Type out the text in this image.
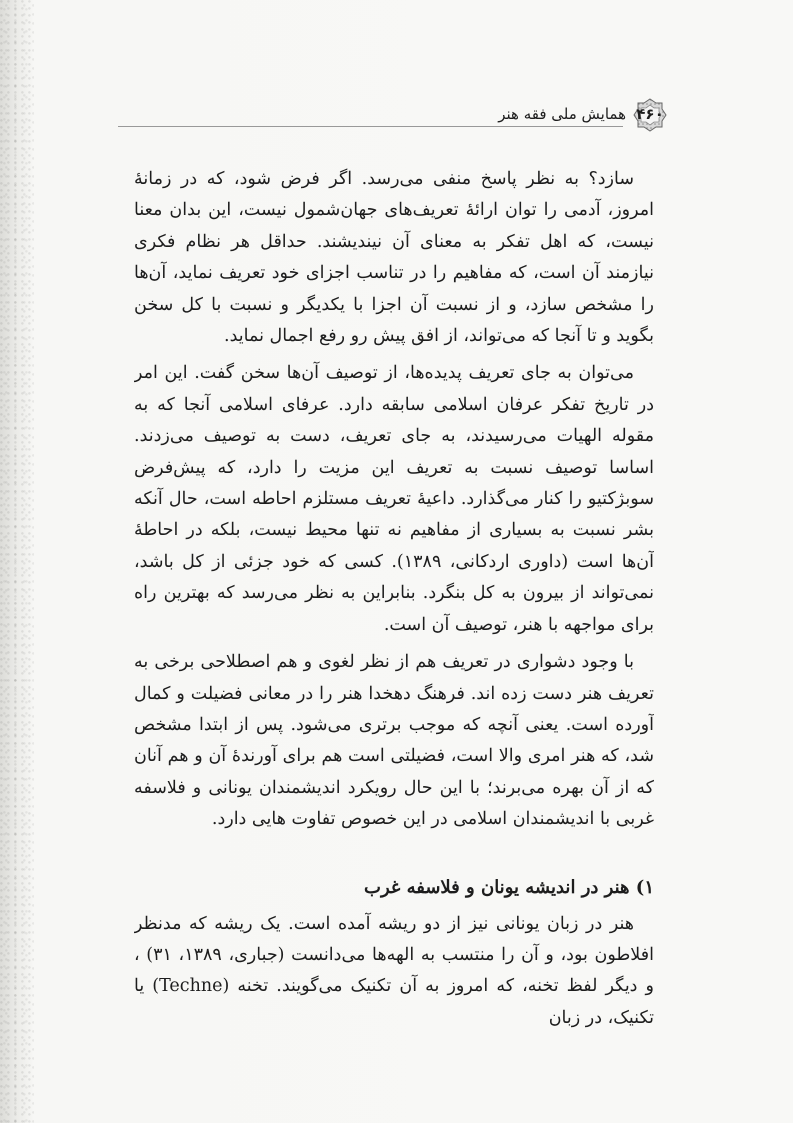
۴۶۰
همایش ملی فقه هنر

سازد؟ به نظر پاسخ منفی می‌رسد. اگر فرض شود، که در زمانهٔ امروز، آدمی را توان ارائهٔ تعریف‌های جهان‌شمول نیست، این بدان معنا نیست، که اهل تفکر به معنای آن نیندیشند. حداقل هر نظام فکری نیازمند آن است، که مفاهیم را در تناسب اجزای خود تعریف نماید، آن‌ها را مشخص سازد، و از نسبت آن اجزا با یکدیگر و نسبت با کل سخن بگوید و تا آنجا که می‌تواند، از افق پیش رو رفع اجمال نماید.

می‌توان به جای تعریف پدیده‌ها، از توصیف آن‌ها سخن گفت. این امر در تاریخ تفکر عرفان اسلامی سابقه دارد. عرفای اسلامی آنجا که به مقوله الهیات می‌رسیدند، به جای تعریف، دست به توصیف می‌زدند. اساسا توصیف نسبت به تعریف این مزیت را دارد، که پیش‌فرض سوبژکتیو را کنار می‌گذارد. داعیهٔ تعریف مستلزم احاطه است، حال آنکه بشر نسبت به بسیاری از مفاهیم نه تنها محیط نیست، بلکه در احاطهٔ آن‌ها است (داوری اردکانی، ۱۳۸۹). کسی که خود جزئی از کل باشد، نمی‌تواند از بیرون به کل بنگرد. بنابراین به نظر می‌رسد که بهترین راه برای مواجهه با هنر، توصیف آن است.

با وجود دشواری در تعریف هم از نظر لغوی و هم اصطلاحی برخی به تعریف هنر دست زده اند. فرهنگ دهخدا هنر را در معانی فضیلت و کمال آورده است. یعنی آنچه که موجب برتری می‌شود. پس از ابتدا مشخص شد، که هنر امری والا است، فضیلتی است هم برای آورندهٔ آن و هم آنان که از آن بهره می‌برند؛ با این حال رویکرد اندیشمندان یونانی و فلاسفه غربی با اندیشمندان اسلامی در این خصوص تفاوت هایی دارد.

۱) هنر در اندیشه یونان و فلاسفه غرب

هنر در زبان یونانی نیز از دو ریشه آمده است. یک ریشه که مدنظر افلاطون بود، و آن را منتسب به الهه‌ها می‌دانست (جباری، ۱۳۸۹، ۳۱) ، و دیگر لفظ تخنه، که امروز به آن تکنیک می‌گویند. تخنه (Techne) یا تکنیک، در زبان
